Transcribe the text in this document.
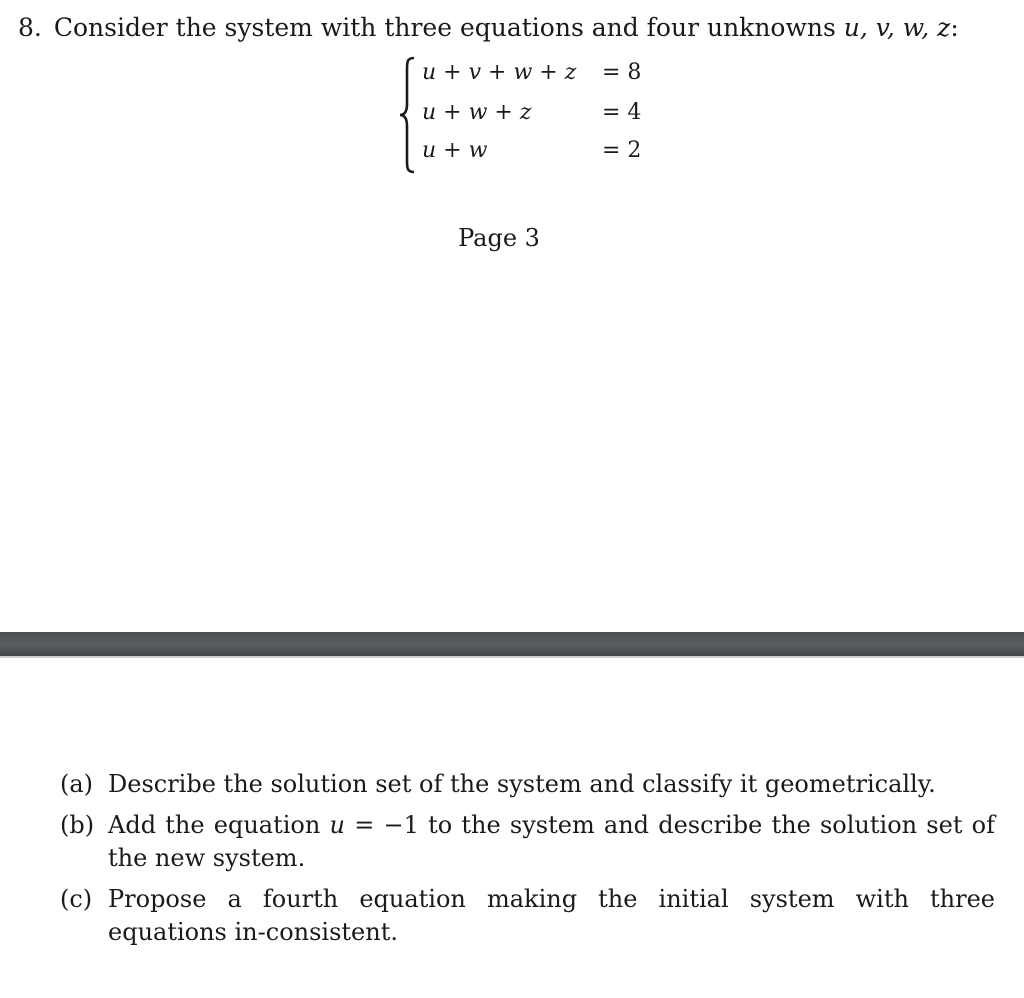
8. Consider the system with three equations and four unknowns u, v, w, z:
u + v + w + z = 8
u + w + z	= 4
u + w	= 2
Page 3
(a) Describe the solution set of the system and classify it geometrically.
(b) Add the equation u = −1 to the system and describe the solution set of the new system.
(c) Propose a fourth equation making the initial system with three equations in-consistent.
